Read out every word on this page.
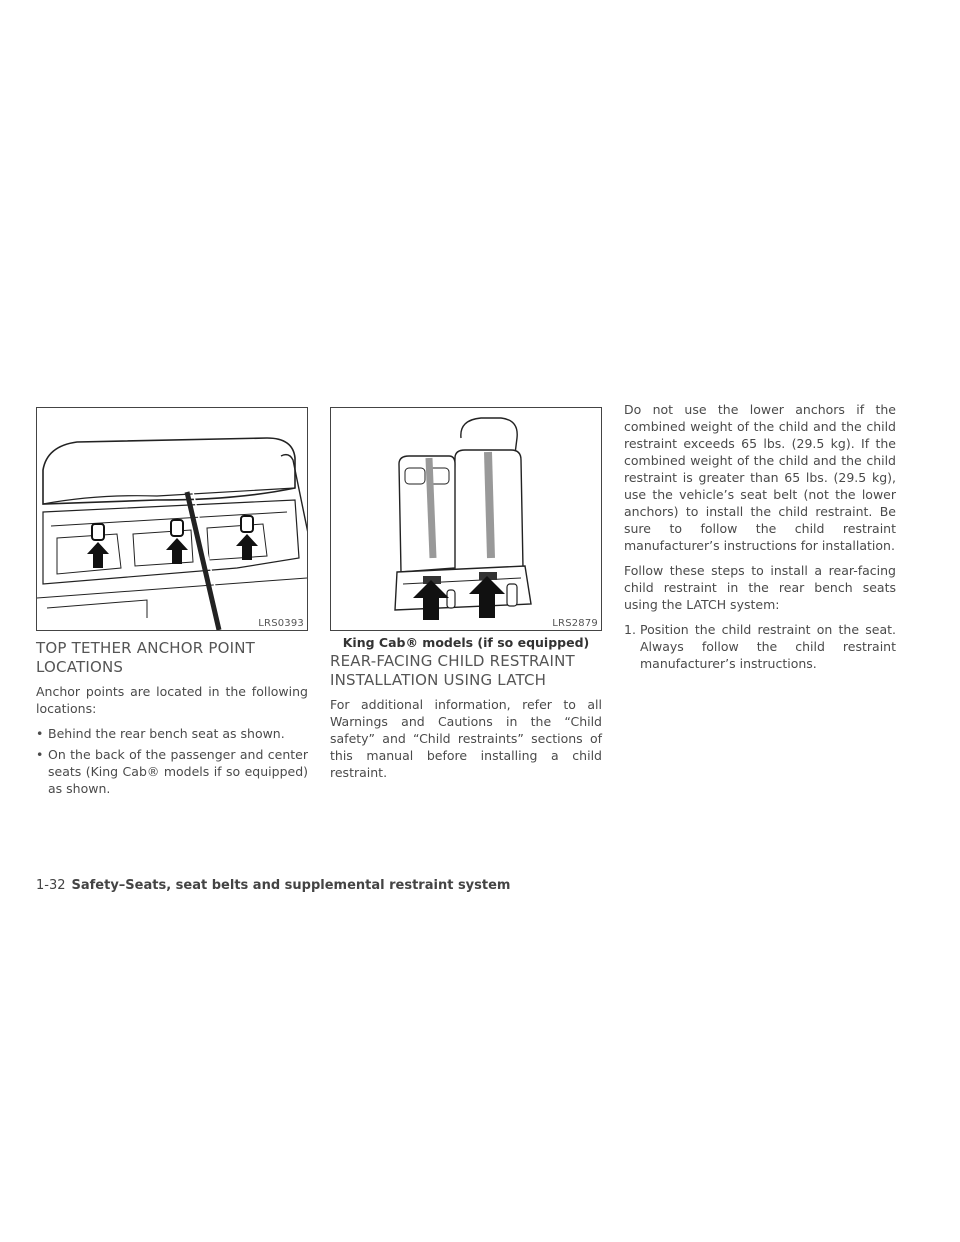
LRS0393
TOP TETHER ANCHOR POINT LOCATIONS

Anchor points are located in the following locations:

• Behind the rear bench seat as shown.
• On the back of the passenger and center seats (King Cab® models if so equipped) as shown.
LRS2879
King Cab® models (if so equipped)
REAR-FACING CHILD RESTRAINT INSTALLATION USING LATCH

For additional information, refer to all Warnings and Cautions in the “Child safety” and “Child restraints” sections of this manual before installing a child restraint.

Do not use the lower anchors if the combined weight of the child and the child restraint exceeds 65 lbs. (29.5 kg). If the combined weight of the child and the child restraint is greater than 65 lbs. (29.5 kg), use the vehicle’s seat belt (not the lower anchors) to install the child restraint. Be sure to follow the child restraint manufacturer’s instructions for installation.

Follow these steps to install a rear-facing child restraint in the rear bench seats using the LATCH system:

1. Position the child restraint on the seat. Always follow the child restraint manufacturer’s instructions.
1-32 Safety–Seats, seat belts and supplemental restraint system
